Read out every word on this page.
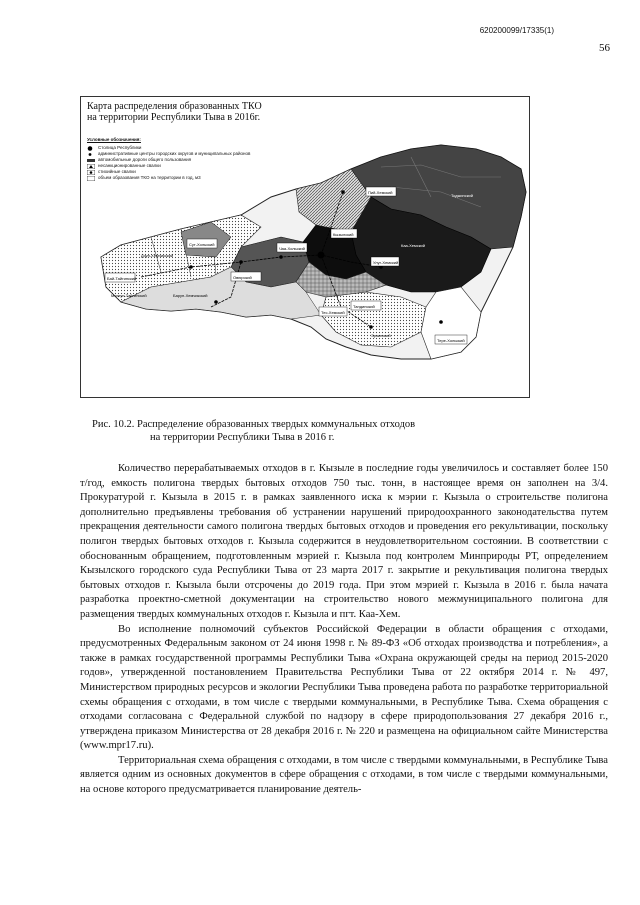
620200099/17335(1)
56
Сут-Хольский
Бай-Тайгинский	Овюрский
Пий-Хемский
Кызылский
Чаа-Хольский
Тандинский
Тере-Хольский
Тес-Хемский
Улуг-Хемский
Каа-Хемский
Тоджинский
Эрзинский
Дзун-Хемчикский
Монгун-Тайгинский	Барун-Хемчикский
Карта распределения образованных ТКО
на территории Республики Тыва в 2016г.
Условные обозначения:
Столица Республики
административные центры городских округов и муниципальных районов
автомобильные дороги общего пользования
несанкционированные свалки
стихийные свалки
объем образования ТКО на территории в год, м3
Рис. 10.2. Распределение образованных твердых коммунальных отходов
на территории Республики Тыва в 2016 г.

Количество перерабатываемых отходов в г. Кызыле в последние годы увеличилось и составляет более 150 т/год, емкость полигона твердых бытовых отходов 750 тыс. тонн, в настоящее время он заполнен на 3/4. Прокуратурой г. Кызыла в 2015 г. в рамках заявленного иска к мэрии г. Кызыла о строительстве полигона дополнительно предъявлены требования об устранении нарушений природоохранного законодательства путем прекращения деятельности самого полигона твердых бытовых отходов и проведения его рекультивации, поскольку полигон твердых бытовых отходов г. Кызыла содержится в неудовлетворительном состоянии. В соответствии с обоснованным обращением, подготовленным мэрией г. Кызыла под контролем Минприроды РТ, определением Кызылского городского суда Республики Тыва от 23 марта 2017 г. закрытие и рекультивация полигона твердых бытовых отходов г. Кызыла были отсрочены до 2019 года. При этом мэрией г. Кызыла в 2016 г. была начата разработка проектно-сметной документации на строительство нового межмуниципального полигона для размещения твердых коммунальных отходов г. Кызыла и пгт. Каа-Хем.

Во исполнение полномочий субъектов Российской Федерации в области обращения с отходами, предусмотренных Федеральным законом от 24 июня 1998 г. № 89-ФЗ «Об отходах производства и потребления», а также в рамках государственной программы Республики Тыва «Охрана окружающей среды на период 2015-2020 годов», утвержденной постановлением Правительства Республики Тыва от 22 октября 2014 г. № 497, Министерством природных ресурсов и экологии Республики Тыва проведена работа по разработке территориальной схемы обращения с отходами, в том числе с твердыми коммунальными, в Республике Тыва. Схема обращения с отходами согласована с Федеральной службой по надзору в сфере природопользования 27 декабря 2016 г., утверждена приказом Министерства от 28 декабря 2016 г. № 220 и размещена на официальном сайте Министерства (www.mpr17.ru).

Территориальная схема обращения с отходами, в том числе с твердыми коммунальными, в Республике Тыва является одним из основных документов в сфере обращения с отходами, в том числе с твердыми коммунальными, на основе которого предусматривается планирование деятель-
